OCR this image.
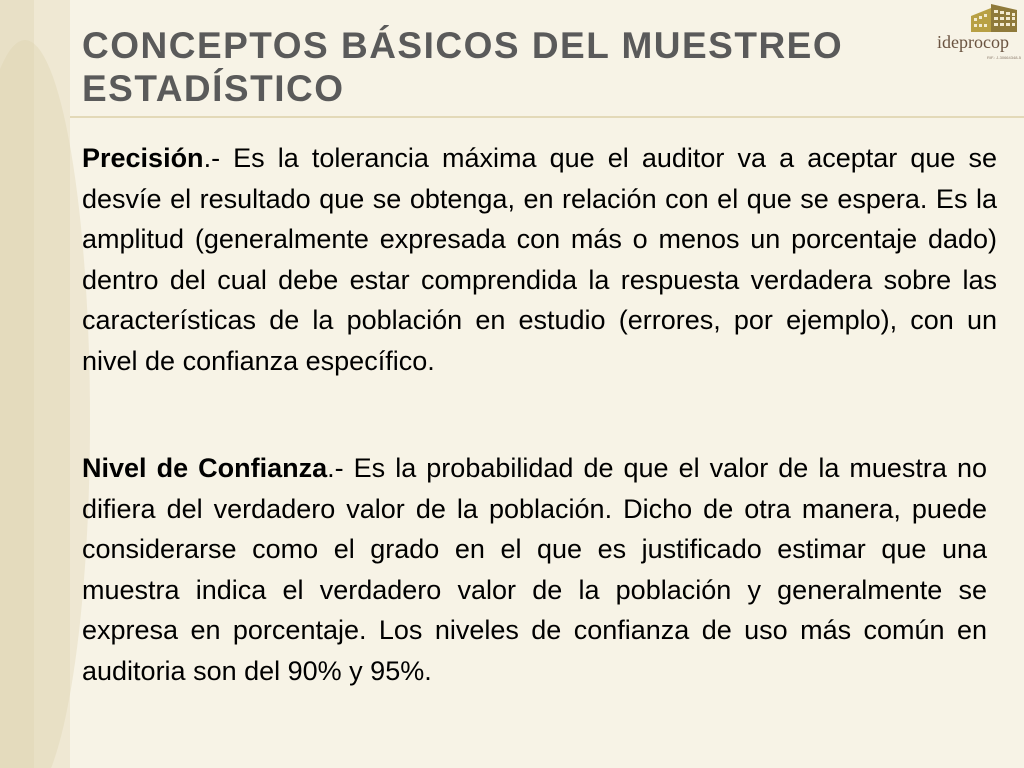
CONCEPTOS BÁSICOS DEL MUESTREO ESTADÍSTICO
ideprocop
RIF.: J-30664348-5

Precisión.- Es la tolerancia máxima que el auditor va a aceptar que se desvíe el resultado que se obtenga, en relación con el que se espera. Es la amplitud (generalmente expresada con más o menos un porcentaje dado) dentro del cual debe estar comprendida la respuesta verdadera sobre las características de la población en estudio (errores, por ejemplo), con un nivel de confianza específico.

Nivel de Confianza.- Es la probabilidad de que el valor de la muestra no difiera del verdadero valor de la población. Dicho de otra manera, puede considerarse como el grado en el que es justificado estimar que una muestra indica el verdadero valor de la población y generalmente se expresa en porcentaje. Los niveles de confianza de uso más común en auditoria son del 90% y 95%.
